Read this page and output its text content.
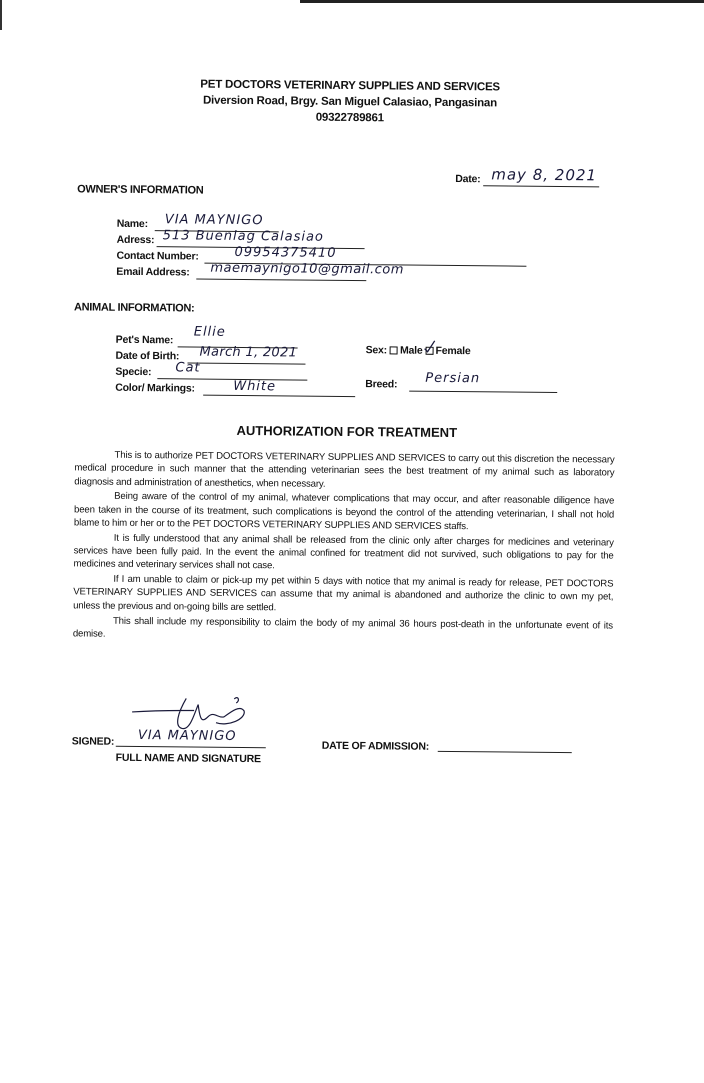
PET DOCTORS VETERINARY SUPPLIES AND SERVICES
Diversion Road, Brgy. San Miguel Calasiao, Pangasinan
09322789861
Date: may 8, 2021
OWNER'S INFORMATION
Name: VIA MAYNIGO
Adress: 513 Buenlag Calasiao
Contact Number:	09954375410
Email Address: maemaynigo10@gmail.com
ANIMAL INFORMATION:
Pet's Name:
Ellie
Date of Birth: March 1, 2021
Specie: Cat
Color/ Markings:	White
Sex: Male Female
Breed: Persian
AUTHORIZATION FOR TREATMENT

This is to authorize PET DOCTORS VETERINARY SUPPLIES AND SERVICES to carry out this discretion the necessary medical procedure in such manner that the attending veterinarian sees the best treatment of my animal such as laboratory diagnosis and administration of anesthetics, when necessary.

Being aware of the control of my animal, whatever complications that may occur, and after reasonable diligence have been taken in the course of its treatment, such complications is beyond the control of the attending veterinarian, I shall not hold blame to him or her or to the PET DOCTORS VETERINARY SUPPLIES AND SERVICES staffs.

It is fully understood that any animal shall be released from the clinic only after charges for medicines and veterinary services have been fully paid. In the event the animal confined for treatment did not survived, such obligations to pay for the medicines and veterinary services shall not case.

If I am unable to claim or pick-up my pet within 5 days with notice that my animal is ready for release, PET DOCTORS VETERINARY SUPPLIES AND SERVICES can assume that my animal is abandoned and authorize the clinic to own my pet, unless the previous and on-going bills are settled.

This shall include my responsibility to claim the body of my animal 36 hours post-death in the unfortunate event of its demise.

SIGNED: VIA MAYNIGO
FULL NAME AND SIGNATURE
DATE OF ADMISSION:
